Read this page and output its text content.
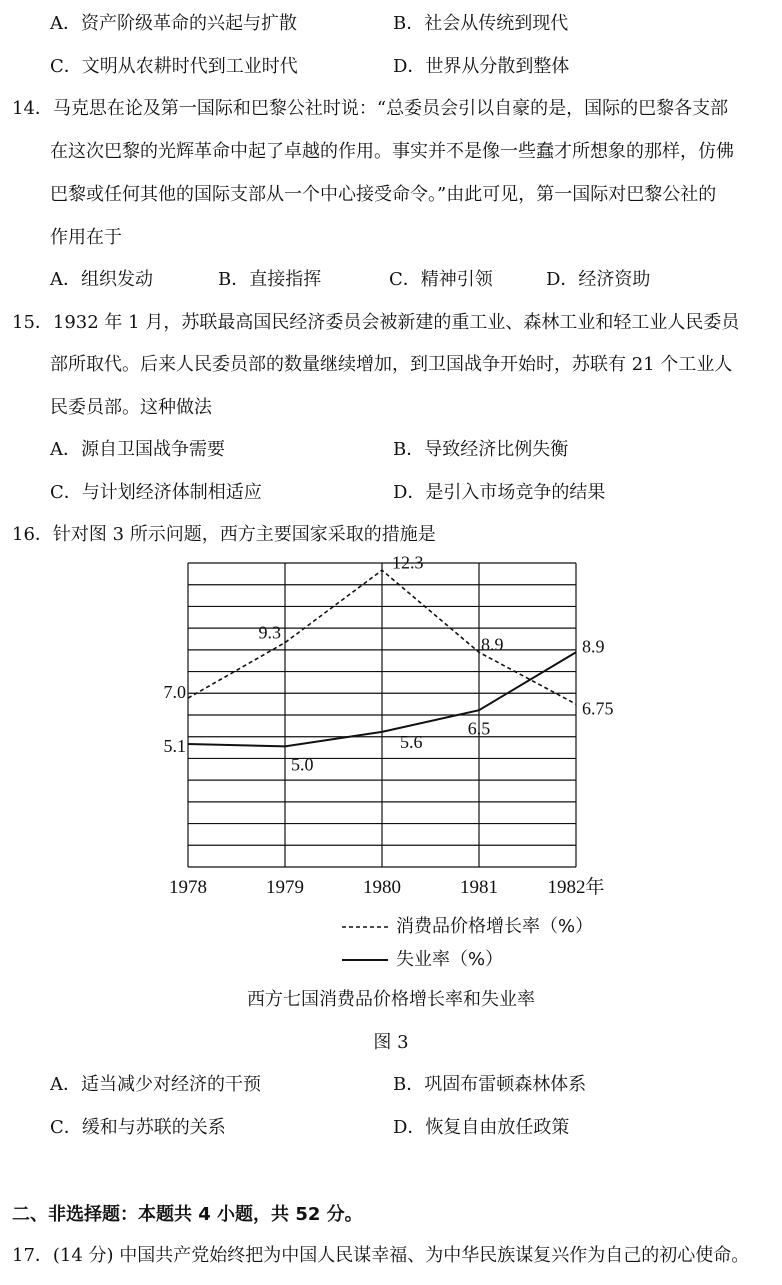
A．资产阶级革命的兴起与扩散	B．社会从传统到现代
C．文明从农耕时代到工业时代	D．世界从分散到整体
14．马克思在论及第一国际和巴黎公社时说：“总委员会引以自豪的是，国际的巴黎各支部
在这次巴黎的光辉革命中起了卓越的作用。事实并不是像一些蠢才所想象的那样，仿佛
巴黎或任何其他的国际支部从一个中心接受命令。”由此可见，第一国际对巴黎公社的
作用在于
A．组织发动	B．直接指挥	C．精神引领	D．经济资助
15．1932 年 1 月，苏联最高国民经济委员会被新建的重工业、森林工业和轻工业人民委员
部所取代。后来人民委员部的数量继续增加，到卫国战争开始时，苏联有 21 个工业人
民委员部。这种做法
A．源自卫国战争需要	B．导致经济比例失衡
C．与计划经济体制相适应	D．是引入市场竞争的结果
16．针对图 3 所示问题，西方主要国家采取的措施是
7.0
9.3
12.3
8.9
6.75
5.1
5.0
5.6
6.5
8.9
1978	1979	1980	1981	1982年
消费品价格增长率（%）
失业率（%）
西方七国消费品价格增长率和失业率
图 3
A．适当减少对经济的干预	B．巩固布雷顿森林体系
C．缓和与苏联的关系	D．恢复自由放任政策
二、非选择题：本题共 4 小题，共 52 分。
17．(14 分) 中国共产党始终把为中国人民谋幸福、为中华民族谋复兴作为自己的初心使命。
